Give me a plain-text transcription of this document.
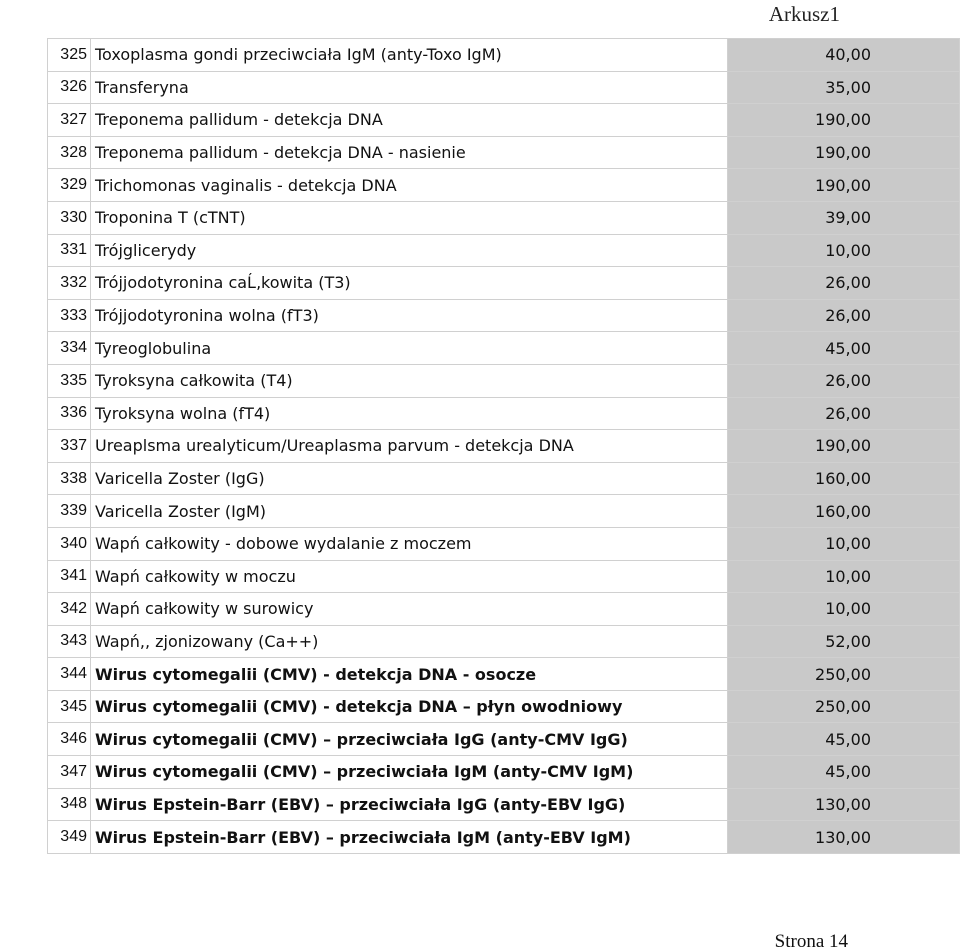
Arkusz1
325	Toxoplasma gondi przeciwciała IgM (anty-Toxo IgM)	40,00
326	Transferyna	35,00
327	Treponema pallidum - detekcja DNA	190,00
328	Treponema pallidum - detekcja DNA - nasienie	190,00
329	Trichomonas vaginalis - detekcja DNA	190,00
330	Troponina T (cTNT)	39,00
331	Trójglicerydy	10,00
332	Trójjodotyronina caĹ‚kowita (T3)	26,00
333	Trójjodotyronina wolna (fT3)	26,00
334	Tyreoglobulina	45,00
335	Tyroksyna całkowita (T4)	26,00
336	Tyroksyna wolna (fT4)	26,00
337	Ureaplsma urealyticum/Ureaplasma parvum - detekcja DNA	190,00
338	Varicella Zoster (IgG)	160,00
339	Varicella Zoster (IgM)	160,00
340	Wapń całkowity - dobowe wydalanie z moczem	10,00
341	Wapń całkowity w moczu	10,00
342	Wapń całkowity w surowicy	10,00
343	Wapń,, zjonizowany (Ca++)	52,00
344	Wirus cytomegalii (CMV) - detekcja DNA - osocze	250,00
345	Wirus cytomegalii (CMV) - detekcja DNA – płyn owodniowy	250,00
346	Wirus cytomegalii (CMV) – przeciwciała IgG (anty-CMV IgG)	45,00
347	Wirus cytomegalii (CMV) – przeciwciała IgM (anty-CMV IgM)	45,00
348	Wirus Epstein-Barr (EBV) – przeciwciała IgG (anty-EBV IgG)	130,00
349	Wirus Epstein-Barr (EBV) – przeciwciała IgM (anty-EBV IgM)	130,00
Strona 14
